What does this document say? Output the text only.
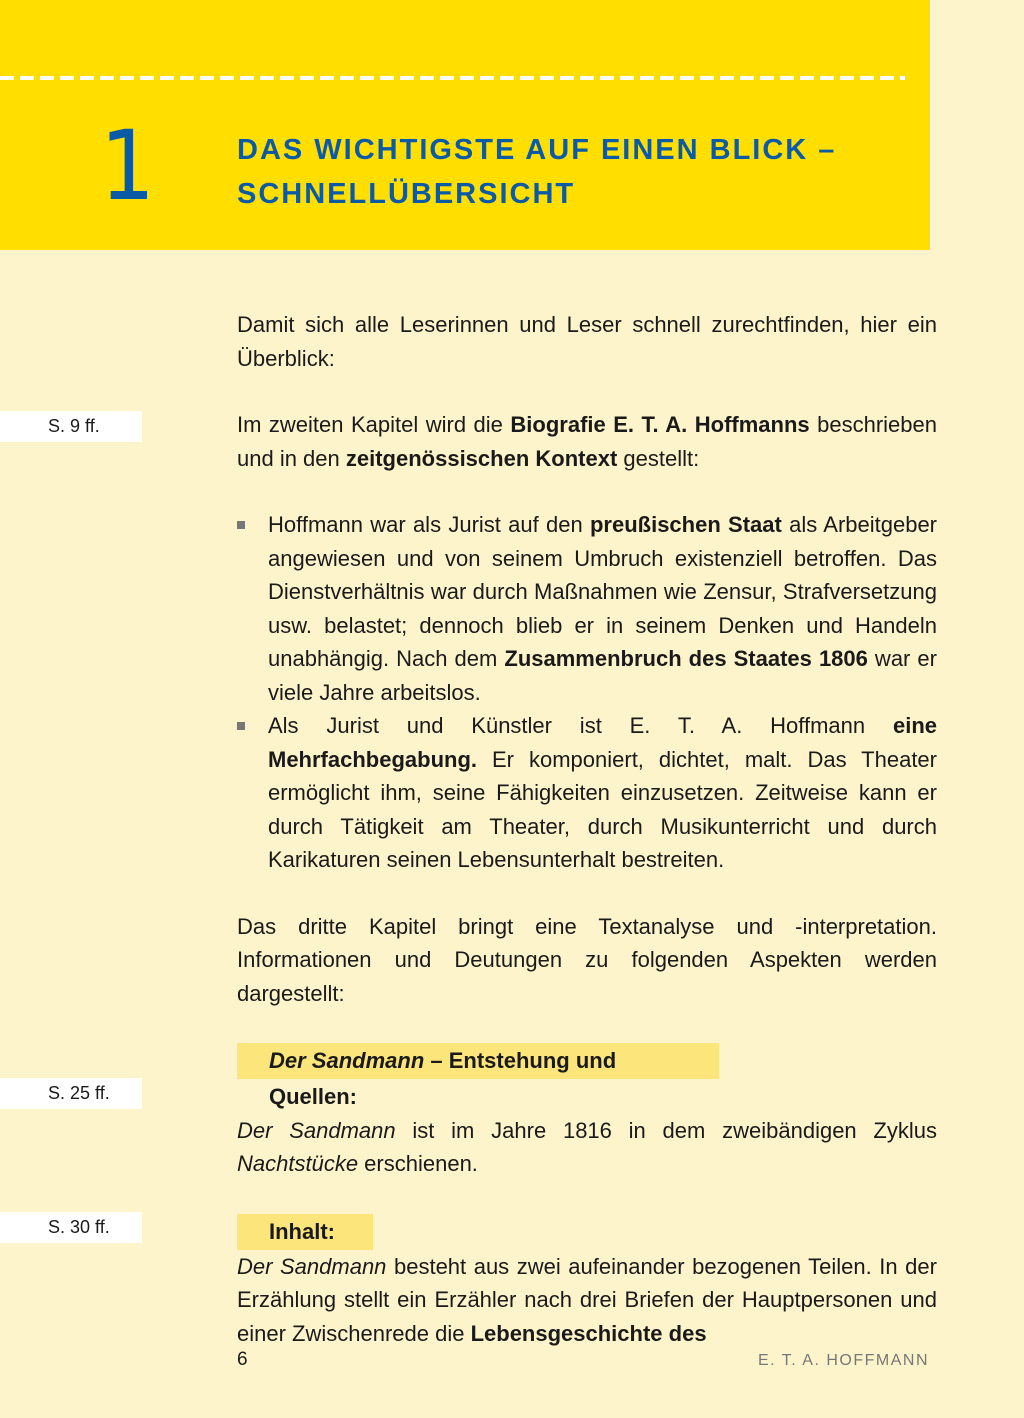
1	DAS WICHTIGSTE AUF EINEN BLICK –
SCHNELLÜBERSICHT
S. 9 ff.
S. 25 ff.
S. 30 ff.

Damit sich alle Leserinnen und Leser schnell zurechtfinden, hier ein Überblick:

Im zweiten Kapitel wird die Biografie E. T. A. Hoffmanns beschrieben und in den zeitgenössischen Kontext gestellt:

Hoffmann war als Jurist auf den preußischen Staat als Arbeitgeber angewiesen und von seinem Umbruch existenziell betroffen. Das Dienstverhältnis war durch Maßnahmen wie Zensur, Strafversetzung usw. belastet; dennoch blieb er in seinem Denken und Handeln unabhängig. Nach dem Zusammenbruch des Staates 1806 war er viele Jahre arbeitslos.
Als Jurist und Künstler ist E. T. A. Hoffmann eine Mehrfachbegabung. Er komponiert, dichtet, malt. Das Theater ermöglicht ihm, seine Fähigkeiten einzusetzen. Zeitweise kann er durch Tätigkeit am Theater, durch Musikunterricht und durch Karikaturen seinen Lebensunterhalt bestreiten.

Das dritte Kapitel bringt eine Textanalyse und -interpretation. Informationen und Deutungen zu folgenden Aspekten werden dargestellt:

Der Sandmann – Entstehung und Quellen:

Der Sandmann ist im Jahre 1816 in dem zweibändigen Zyklus Nachtstücke erschienen.

Inhalt:

Der Sandmann besteht aus zwei aufeinander bezogenen Teilen. In der Erzählung stellt ein Erzähler nach drei Briefen der Hauptpersonen und einer Zwischenrede die Lebensgeschichte des

6	E. T. A. HOFFMANN
